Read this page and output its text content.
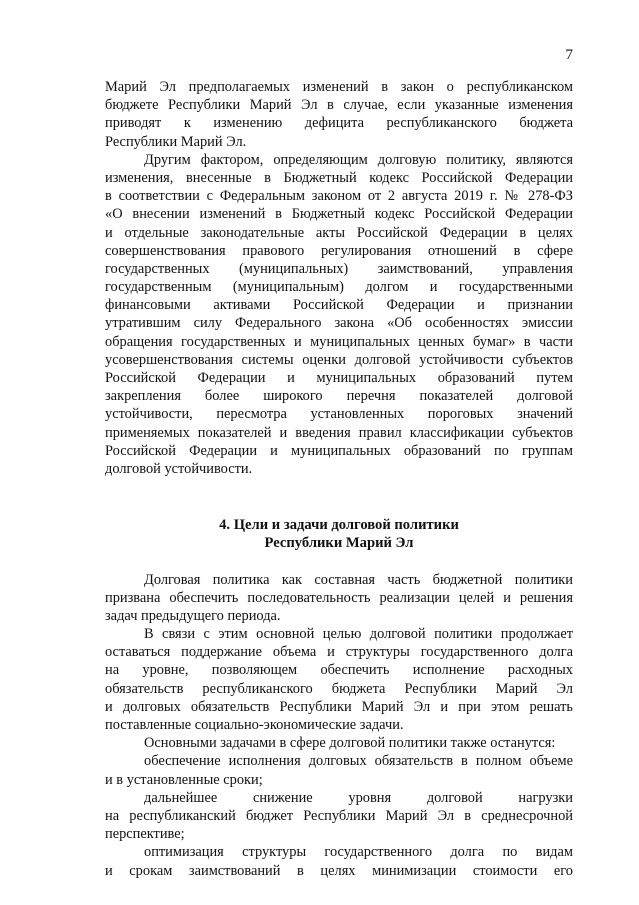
7
Марий Эл предполагаемых изменений в закон о республиканском
бюджете Республики Марий Эл в случае, если указанные изменения
приводят к изменению дефицита республиканского бюджета
Республики Марий Эл.
Другим фактором, определяющим долговую политику, являются
изменения, внесенные в Бюджетный кодекс Российской Федерации
в соответствии с Федеральным законом от 2 августа 2019 г. № 278-ФЗ
«О внесении изменений в Бюджетный кодекс Российской Федерации
и отдельные законодательные акты Российской Федерации в целях
совершенствования правового регулирования отношений в сфере
государственных (муниципальных) заимствований, управления
государственным (муниципальным) долгом и государственными
финансовыми активами Российской Федерации и признании
утратившим силу Федерального закона «Об особенностях эмиссии
обращения государственных и муниципальных ценных бумаг» в части
усовершенствования системы оценки долговой устойчивости субъектов
Российской Федерации и муниципальных образований путем
закрепления более широкого перечня показателей долговой
устойчивости, пересмотра установленных пороговых значений
применяемых показателей и введения правил классификации субъектов
Российской Федерации и муниципальных образований по группам
долговой устойчивости.
4. Цели и задачи долговой политики
Республики Марий Эл
Долговая политика как составная часть бюджетной политики
призвана обеспечить последовательность реализации целей и решения
задач предыдущего периода.
В связи с этим основной целью долговой политики продолжает
оставаться поддержание объема и структуры государственного долга
на уровне, позволяющем обеспечить исполнение расходных
обязательств республиканского бюджета Республики Марий Эл
и долговых обязательств Республики Марий Эл и при этом решать
поставленные социально-экономические задачи.
Основными задачами в сфере долговой политики также останутся:
обеспечение исполнения долговых обязательств в полном объеме
и в установленные сроки;
дальнейшее снижение уровня долговой нагрузки
на республиканский бюджет Республики Марий Эл в среднесрочной
перспективе;
оптимизация структуры государственного долга по видам
и срокам заимствований в целях минимизации стоимости его
